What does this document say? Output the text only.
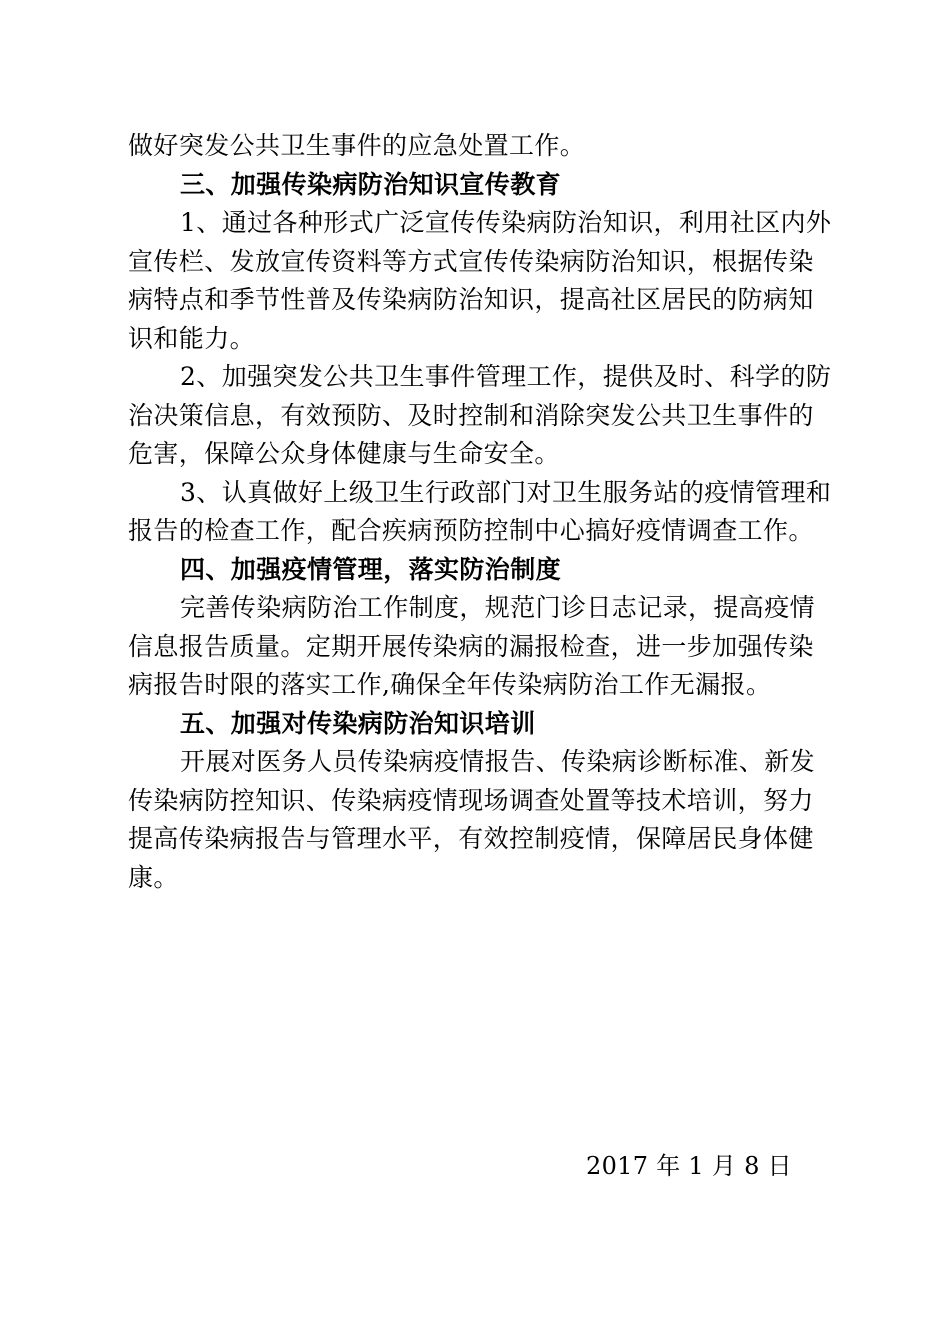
做好突发公共卫生事件的应急处置工作。
三、加强传染病防治知识宣传教育
1、通过各种形式广泛宣传传染病防治知识，利用社区内外
宣传栏、发放宣传资料等方式宣传传染病防治知识，根据传染
病特点和季节性普及传染病防治知识，提高社区居民的防病知
识和能力。
2、加强突发公共卫生事件管理工作，提供及时、科学的防
治决策信息，有效预防、及时控制和消除突发公共卫生事件的
危害，保障公众身体健康与生命安全。
3、认真做好上级卫生行政部门对卫生服务站的疫情管理和
报告的检查工作，配合疾病预防控制中心搞好疫情调查工作。
四、加强疫情管理，落实防治制度
完善传染病防治工作制度，规范门诊日志记录，提高疫情
信息报告质量。定期开展传染病的漏报检查，进一步加强传染
病报告时限的落实工作,确保全年传染病防治工作无漏报。
五、加强对传染病防治知识培训
开展对医务人员传染病疫情报告、传染病诊断标准、新发
传染病防控知识、传染病疫情现场调查处置等技术培训，努力
提高传染病报告与管理水平，有效控制疫情，保障居民身体健
康。
2017 年 1 月 8 日
